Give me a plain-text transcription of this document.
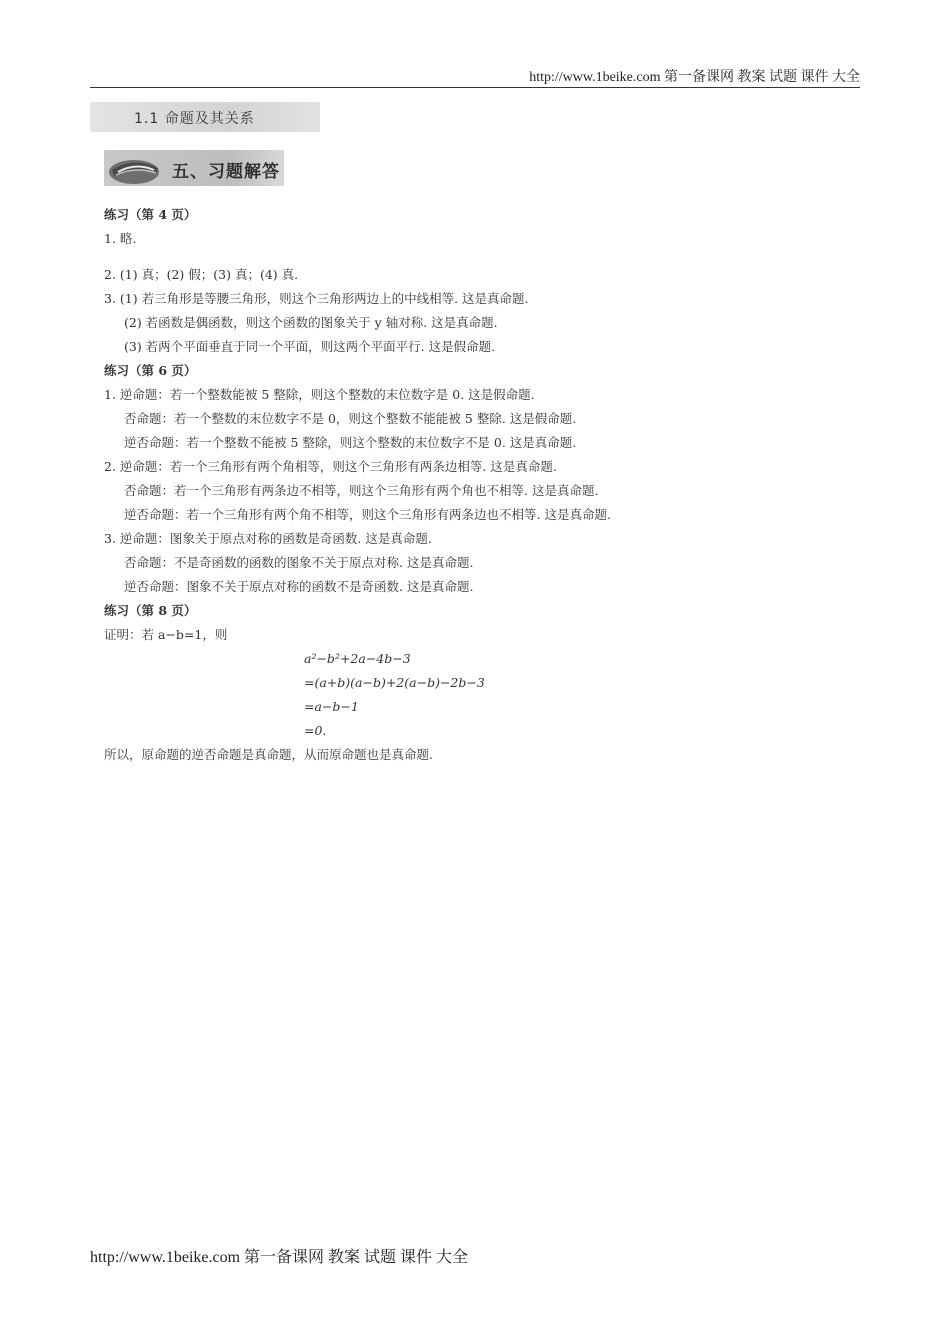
http://www.1beike.com 第一备课网 教案 试题 课件 大全
1.1 命题及其关系
五、习题解答
练习（第 4 页）
1. 略.
2. (1) 真；(2) 假；(3) 真；(4) 真.
3. (1) 若三角形是等腰三角形，则这个三角形两边上的中线相等. 这是真命题.
(2) 若函数是偶函数，则这个函数的图象关于 y 轴对称. 这是真命题.
(3) 若两个平面垂直于同一个平面，则这两个平面平行. 这是假命题.
练习（第 6 页）
1. 逆命题：若一个整数能被 5 整除，则这个整数的末位数字是 0. 这是假命题.
否命题：若一个整数的末位数字不是 0，则这个整数不能能被 5 整除. 这是假命题.
逆否命题：若一个整数不能被 5 整除，则这个整数的末位数字不是 0. 这是真命题.
2. 逆命题：若一个三角形有两个角相等，则这个三角形有两条边相等. 这是真命题.
否命题：若一个三角形有两条边不相等，则这个三角形有两个角也不相等. 这是真命题.
逆否命题：若一个三角形有两个角不相等，则这个三角形有两条边也不相等. 这是真命题.
3. 逆命题：图象关于原点对称的函数是奇函数. 这是真命题.
否命题：不是奇函数的函数的图象不关于原点对称. 这是真命题.
逆否命题：图象不关于原点对称的函数不是奇函数. 这是真命题.
练习（第 8 页）
证明：若 a−b=1，则
a²−b²+2a−4b−3
=(a+b)(a−b)+2(a−b)−2b−3
=a−b−1
=0.
所以，原命题的逆否命题是真命题，从而原命题也是真命题.
http://www.1beike.com 第一备课网 教案 试题 课件 大全
